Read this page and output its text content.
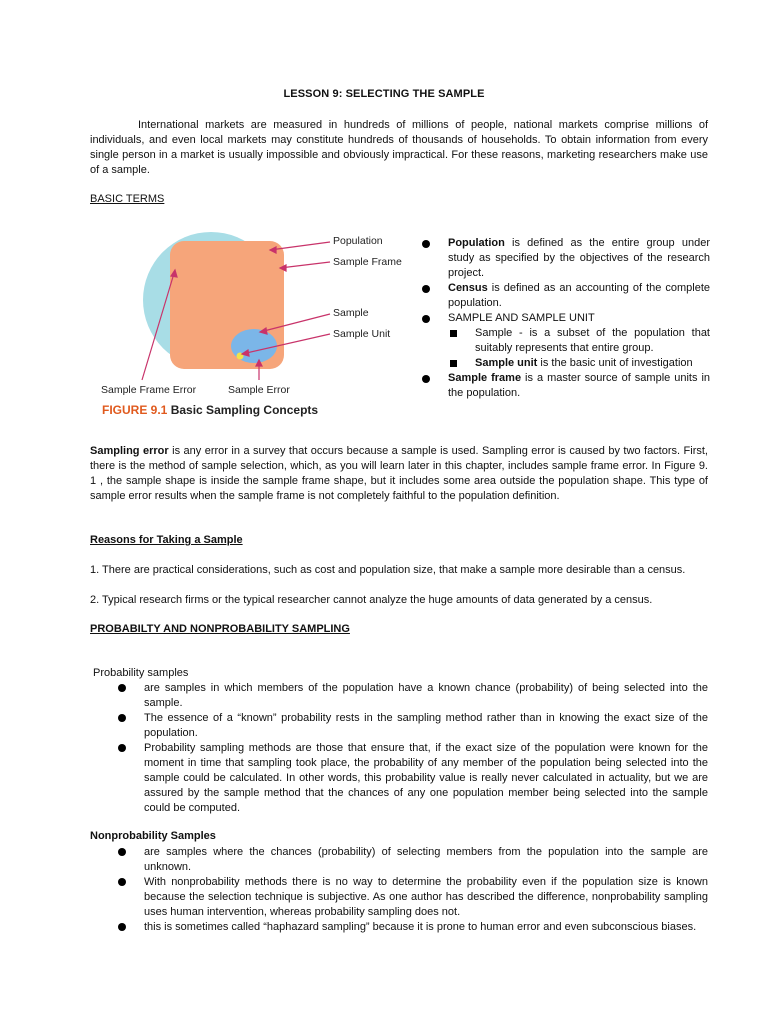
LESSON 9: SELECTING THE SAMPLE
International markets are measured in hundreds of millions of people, national markets comprise millions of individuals, and even local markets may constitute hundreds of thousands of households. To obtain information from every single person in a market is usually impossible and obviously impractical. For these reasons, marketing researchers make use of a sample.
BASIC TERMS
Population
Sample Frame
Sample
Sample Unit
Sample Frame Error	Sample Error
FIGURE 9.1 Basic Sampling Concepts
Population is defined as the entire group under study as specified by the objectives of the research project.
Census is defined as an accounting of the complete population.
SAMPLE AND SAMPLE UNIT
Sample - is a subset of the population that suitably represents that entire group.
Sample unit is the basic unit of investigation
Sample frame is a master source of sample units in the population.
Sampling error is any error in a survey that occurs because a sample is used. Sampling error is caused by two factors. First, there is the method of sample selection, which, as you will learn later in this chapter, includes sample frame error. In Figure 9. 1 , the sample shape is inside the sample frame shape, but it includes some area outside the population shape. This type of sample error results when the sample frame is not completely faithful to the population definition.
Reasons for Taking a Sample
1. There are practical considerations, such as cost and population size, that make a sample more desirable than a census.
2. Typical research firms or the typical researcher cannot analyze the huge amounts of data generated by a census.
PROBABILTY AND NONPROBABILITY SAMPLING
Probability samples
are samples in which members of the population have a known chance (probability) of being selected into the sample.
The essence of a “known” probability rests in the sampling method rather than in knowing the exact size of the population.
Probability sampling methods are those that ensure that, if the exact size of the population were known for the moment in time that sampling took place, the probability of any member of the population being selected into the sample could be calculated. In other words, this probability value is really never calculated in actuality, but we are assured by the sample method that the chances of any one population member being selected into the sample could be computed.
Nonprobability Samples
are samples where the chances (probability) of selecting members from the population into the sample are unknown.
With nonprobability methods there is no way to determine the probability even if the population size is known because the selection technique is subjective. As one author has described the difference, nonprobability sampling uses human intervention, whereas probability sampling does not.
this is sometimes called “haphazard sampling” because it is prone to human error and even subconscious biases.
